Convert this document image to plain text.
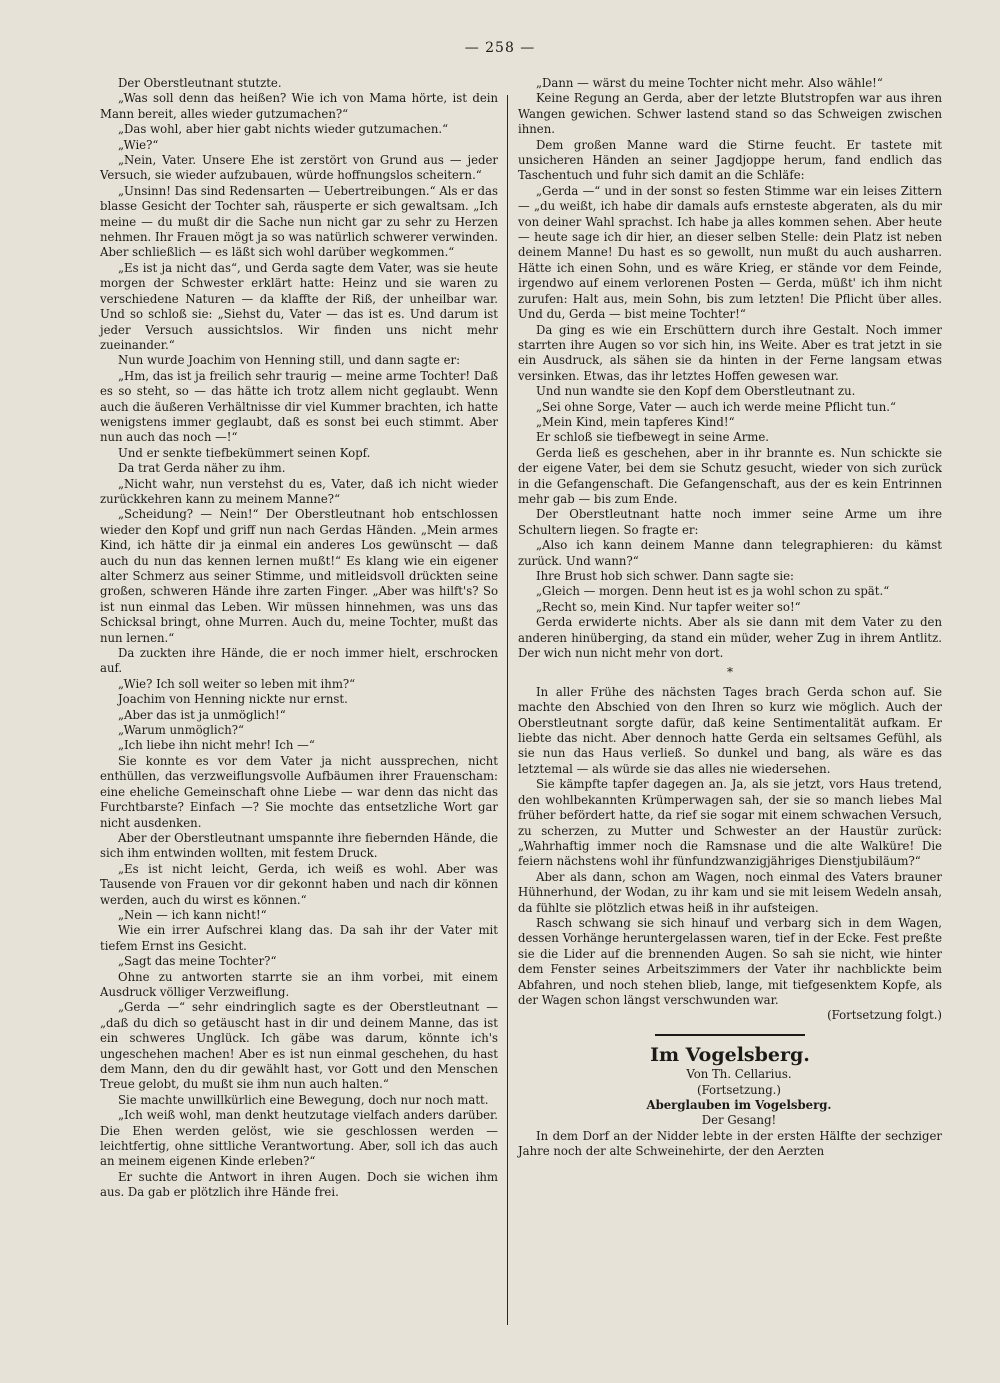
— 258 —

Der Oberstleutnant stutzte.

„Was soll denn das heißen? Wie ich von Mama hörte, ist dein Mann bereit, alles wieder gutzumachen?“

„Das wohl, aber hier gabt nichts wieder gutzumachen.“

„Wie?“

„Nein, Vater. Unsere Ehe ist zerstört von Grund aus — jeder Versuch, sie wieder aufzubauen, würde hoffnungslos scheitern.“

„Unsinn! Das sind Redensarten — Uebertreibungen.“ Als er das blasse Gesicht der Tochter sah, räusperte er sich gewaltsam. „Ich meine — du mußt dir die Sache nun nicht gar zu sehr zu Herzen nehmen. Ihr Frauen mögt ja so was natürlich schwerer verwinden. Aber schließlich — es läßt sich wohl darüber wegkommen.“

„Es ist ja nicht das“, und Gerda sagte dem Vater, was sie heute morgen der Schwester erklärt hatte: Heinz und sie waren zu verschiedene Naturen — da klaffte der Riß, der unheilbar war. Und so schloß sie: „Siehst du, Vater — das ist es. Und darum ist jeder Versuch aussichtslos. Wir finden uns nicht mehr zueinander.“

Nun wurde Joachim von Henning still, und dann sagte er:

„Hm, das ist ja freilich sehr traurig — meine arme Tochter! Daß es so steht, so — das hätte ich trotz allem nicht geglaubt. Wenn auch die äußeren Verhältnisse dir viel Kummer brachten, ich hatte wenigstens immer geglaubt, daß es sonst bei euch stimmt. Aber nun auch das noch —!“

Und er senkte tiefbekümmert seinen Kopf.

Da trat Gerda näher zu ihm.

„Nicht wahr, nun verstehst du es, Vater, daß ich nicht wieder zurückkehren kann zu meinem Manne?“

„Scheidung? — Nein!“ Der Oberstleutnant hob entschlossen wieder den Kopf und griff nun nach Gerdas Händen. „Mein armes Kind, ich hätte dir ja einmal ein anderes Los gewünscht — daß auch du nun das kennen lernen mußt!“ Es klang wie ein eigener alter Schmerz aus seiner Stimme, und mitleidsvoll drückten seine großen, schweren Hände ihre zarten Finger. „Aber was hilft's? So ist nun einmal das Leben. Wir müssen hinnehmen, was uns das Schicksal bringt, ohne Murren. Auch du, meine Tochter, mußt das nun lernen.“

Da zuckten ihre Hände, die er noch immer hielt, erschrocken auf.

„Wie? Ich soll weiter so leben mit ihm?“

Joachim von Henning nickte nur ernst.

„Aber das ist ja unmöglich!“

„Warum unmöglich?“

„Ich liebe ihn nicht mehr! Ich —“

Sie konnte es vor dem Vater ja nicht aussprechen, nicht enthüllen, das verzweiflungsvolle Aufbäumen ihrer Frauenscham: eine eheliche Gemeinschaft ohne Liebe — war denn das nicht das Furchtbarste? Einfach —? Sie mochte das entsetzliche Wort gar nicht ausdenken.

Aber der Oberstleutnant umspannte ihre fiebernden Hände, die sich ihm entwinden wollten, mit festem Druck.

„Es ist nicht leicht, Gerda, ich weiß es wohl. Aber was Tausende von Frauen vor dir gekonnt haben und nach dir können werden, auch du wirst es können.“

„Nein — ich kann nicht!“

Wie ein irrer Aufschrei klang das. Da sah ihr der Vater mit tiefem Ernst ins Gesicht.

„Sagt das meine Tochter?“

Ohne zu antworten starrte sie an ihm vorbei, mit einem Ausdruck völliger Verzweiflung.

„Gerda —“ sehr eindringlich sagte es der Oberstleutnant — „daß du dich so getäuscht hast in dir und deinem Manne, das ist ein schweres Unglück. Ich gäbe was darum, könnte ich's ungeschehen machen! Aber es ist nun einmal geschehen, du hast dem Mann, den du dir gewählt hast, vor Gott und den Menschen Treue gelobt, du mußt sie ihm nun auch halten.“

Sie machte unwillkürlich eine Bewegung, doch nur noch matt.

„Ich weiß wohl, man denkt heutzutage vielfach anders darüber. Die Ehen werden gelöst, wie sie geschlossen werden — leichtfertig, ohne sittliche Verantwortung. Aber, soll ich das auch an meinem eigenen Kinde erleben?“

Er suchte die Antwort in ihren Augen. Doch sie wichen ihm aus. Da gab er plötzlich ihre Hände frei.

„Dann — wärst du meine Tochter nicht mehr. Also wähle!“

Keine Regung an Gerda, aber der letzte Blutstropfen war aus ihren Wangen gewichen. Schwer lastend stand so das Schweigen zwischen ihnen.

Dem großen Manne ward die Stirne feucht. Er tastete mit unsicheren Händen an seiner Jagdjoppe herum, fand endlich das Taschentuch und fuhr sich damit an die Schläfe:

„Gerda —“ und in der sonst so festen Stimme war ein leises Zittern — „du weißt, ich habe dir damals aufs ernsteste abgeraten, als du mir von deiner Wahl sprachst. Ich habe ja alles kommen sehen. Aber heute — heute sage ich dir hier, an dieser selben Stelle: dein Platz ist neben deinem Manne! Du hast es so gewollt, nun mußt du auch ausharren. Hätte ich einen Sohn, und es wäre Krieg, er stände vor dem Feinde, irgendwo auf einem verlorenen Posten — Gerda, müßt' ich ihm nicht zurufen: Halt aus, mein Sohn, bis zum letzten! Die Pflicht über alles. Und du, Gerda — bist meine Tochter!“

Da ging es wie ein Erschüttern durch ihre Gestalt. Noch immer starrten ihre Augen so vor sich hin, ins Weite. Aber es trat jetzt in sie ein Ausdruck, als sähen sie da hinten in der Ferne langsam etwas versinken. Etwas, das ihr letztes Hoffen gewesen war.

Und nun wandte sie den Kopf dem Oberstleutnant zu.

„Sei ohne Sorge, Vater — auch ich werde meine Pflicht tun.“

„Mein Kind, mein tapferes Kind!“

Er schloß sie tiefbewegt in seine Arme.

Gerda ließ es geschehen, aber in ihr brannte es. Nun schickte sie der eigene Vater, bei dem sie Schutz gesucht, wieder von sich zurück in die Gefangenschaft. Die Gefangenschaft, aus der es kein Entrinnen mehr gab — bis zum Ende.

Der Oberstleutnant hatte noch immer seine Arme um ihre Schultern liegen. So fragte er:

„Also ich kann deinem Manne dann telegraphieren: du kämst zurück. Und wann?“

Ihre Brust hob sich schwer. Dann sagte sie:

„Gleich — morgen. Denn heut ist es ja wohl schon zu spät.“

„Recht so, mein Kind. Nur tapfer weiter so!“

Gerda erwiderte nichts. Aber als sie dann mit dem Vater zu den anderen hinüberging, da stand ein müder, weher Zug in ihrem Antlitz. Der wich nun nicht mehr von dort.

*

In aller Frühe des nächsten Tages brach Gerda schon auf. Sie machte den Abschied von den Ihren so kurz wie möglich. Auch der Oberstleutnant sorgte dafür, daß keine Sentimentalität aufkam. Er liebte das nicht. Aber dennoch hatte Gerda ein seltsames Gefühl, als sie nun das Haus verließ. So dunkel und bang, als wäre es das letztemal — als würde sie das alles nie wiedersehen.

Sie kämpfte tapfer dagegen an. Ja, als sie jetzt, vors Haus tretend, den wohlbekannten Krümperwagen sah, der sie so manch liebes Mal früher befördert hatte, da rief sie sogar mit einem schwachen Versuch, zu scherzen, zu Mutter und Schwester an der Haustür zurück: „Wahrhaftig immer noch die Ramsnase und die alte Walküre! Die feiern nächstens wohl ihr fünfundzwanzigjähriges Dienstjubiläum?“

Aber als dann, schon am Wagen, noch einmal des Vaters brauner Hühnerhund, der Wodan, zu ihr kam und sie mit leisem Wedeln ansah, da fühlte sie plötzlich etwas heiß in ihr aufsteigen.

Rasch schwang sie sich hinauf und verbarg sich in dem Wagen, dessen Vorhänge heruntergelassen waren, tief in der Ecke. Fest preßte sie die Lider auf die brennenden Augen. So sah sie nicht, wie hinter dem Fenster seines Arbeitszimmers der Vater ihr nachblickte beim Abfahren, und noch stehen blieb, lange, mit tiefgesenktem Kopfe, als der Wagen schon längst verschwunden war.

(Fortsetzung folgt.)
Im Vogelsberg.

Von Th. Cellarius.

(Fortsetzung.)

Aberglauben im Vogelsberg.

Der Gesang!

In dem Dorf an der Nidder lebte in der ersten Hälfte der sechziger Jahre noch der alte Schweinehirte, der den Aerzten
